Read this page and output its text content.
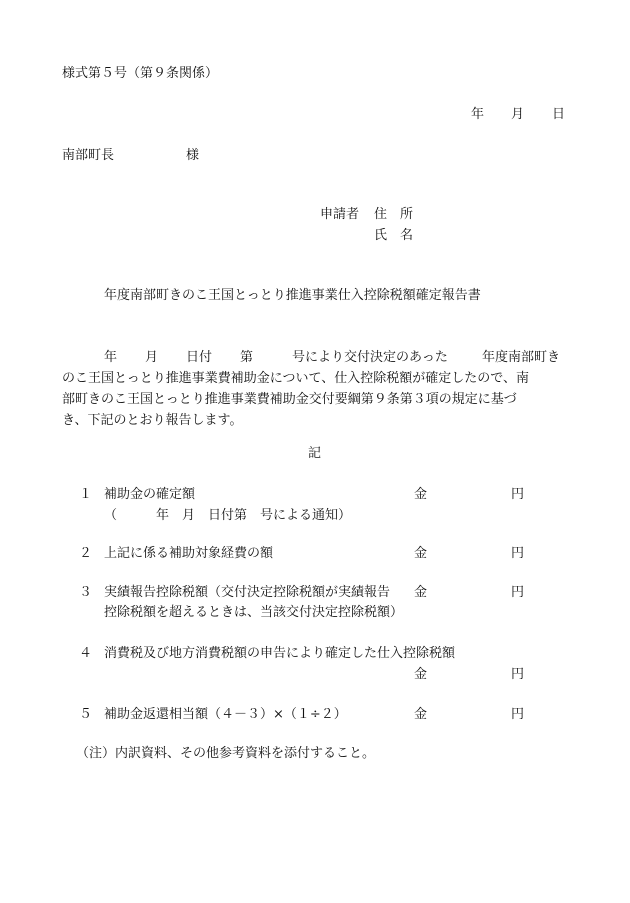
様式第５号（第９条関係）
年 月 日
南部町長	様
申請者 住　所
氏　名
年度南部町きのこ王国とっとり推進事業仕入控除税額確定報告書
年 月 日付 第	号により交付決定のあった	年度南部町き
のこ王国とっとり推進事業費補助金について、仕入控除税額が確定したので、南
部町きのこ王国とっとり推進事業費補助金交付要綱第９条第３項の規定に基づ
き、下記のとおり報告します。
記
１ 補助金の確定額	金	円
（　　　年　月　日付第　号による通知）
２ 上記に係る補助対象経費の額	金	円
３ 実績報告控除税額（交付決定控除税額が実績報告 金	円
控除税額を超えるときは、当該交付決定控除税額）
４ 消費税及び地方消費税額の申告により確定した仕入控除税額
金	円
５ 補助金返還相当額（４－３）×（１÷２）	金	円
（注）内訳資料、その他参考資料を添付すること。
